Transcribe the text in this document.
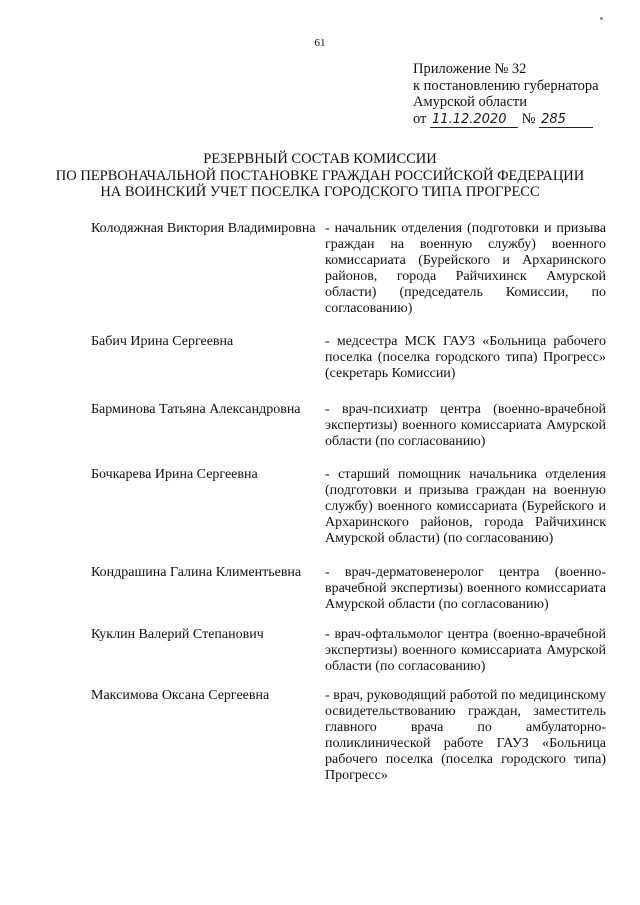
61
Приложение № 32
к постановлению губернатора
Амурской области
от 11.12.2020 № 285
РЕЗЕРВНЫЙ СОСТАВ КОМИССИИ
ПО ПЕРВОНАЧАЛЬНОЙ ПОСТАНОВКЕ ГРАЖДАН РОССИЙСКОЙ ФЕДЕРАЦИИ
НА ВОИНСКИЙ УЧЕТ ПОСЕЛКА ГОРОДСКОГО ТИПА ПРОГРЕСС
Колодяжная Виктория Владимировна - начальник отделения (подготовки и призыва граждан на военную службу) военного комиссариата (Бурейского и Архаринского районов, города Райчихинск Амурской области) (председатель Комиссии, по согласованию)
Бабич Ирина Сергеевна	- медсестра МСК ГАУЗ «Больница рабочего поселка (поселка городского типа) Прогресс» (секретарь Комиссии)
Барминова Татьяна Александровна	- врач-психиатр центра (военно-врачебной экспертизы) военного комиссариата Амурской области (по согласованию)
Бочкарева Ирина Сергеевна	- старший помощник начальника отделения (подготовки и призыва граждан на военную службу) военного комиссариата (Бурейского и Архаринского районов, города Райчихинск Амурской области) (по согласованию)
Кондрашина Галина Климентьевна	- врач-дерматовенеролог центра (военно-врачебной экспертизы) военного комиссариата Амурской области (по согласованию)
Куклин Валерий Степанович	- врач-офтальмолог центра (военно-врачебной экспертизы) военного комиссариата Амурской области (по согласованию)
Максимова Оксана Сергеевна	- врач, руководящий работой по медицинскому освидетельствованию граждан, заместитель главного врача по амбулаторно-поликлинической работе ГАУЗ «Больница рабочего поселка (поселка городского типа) Прогресс»
